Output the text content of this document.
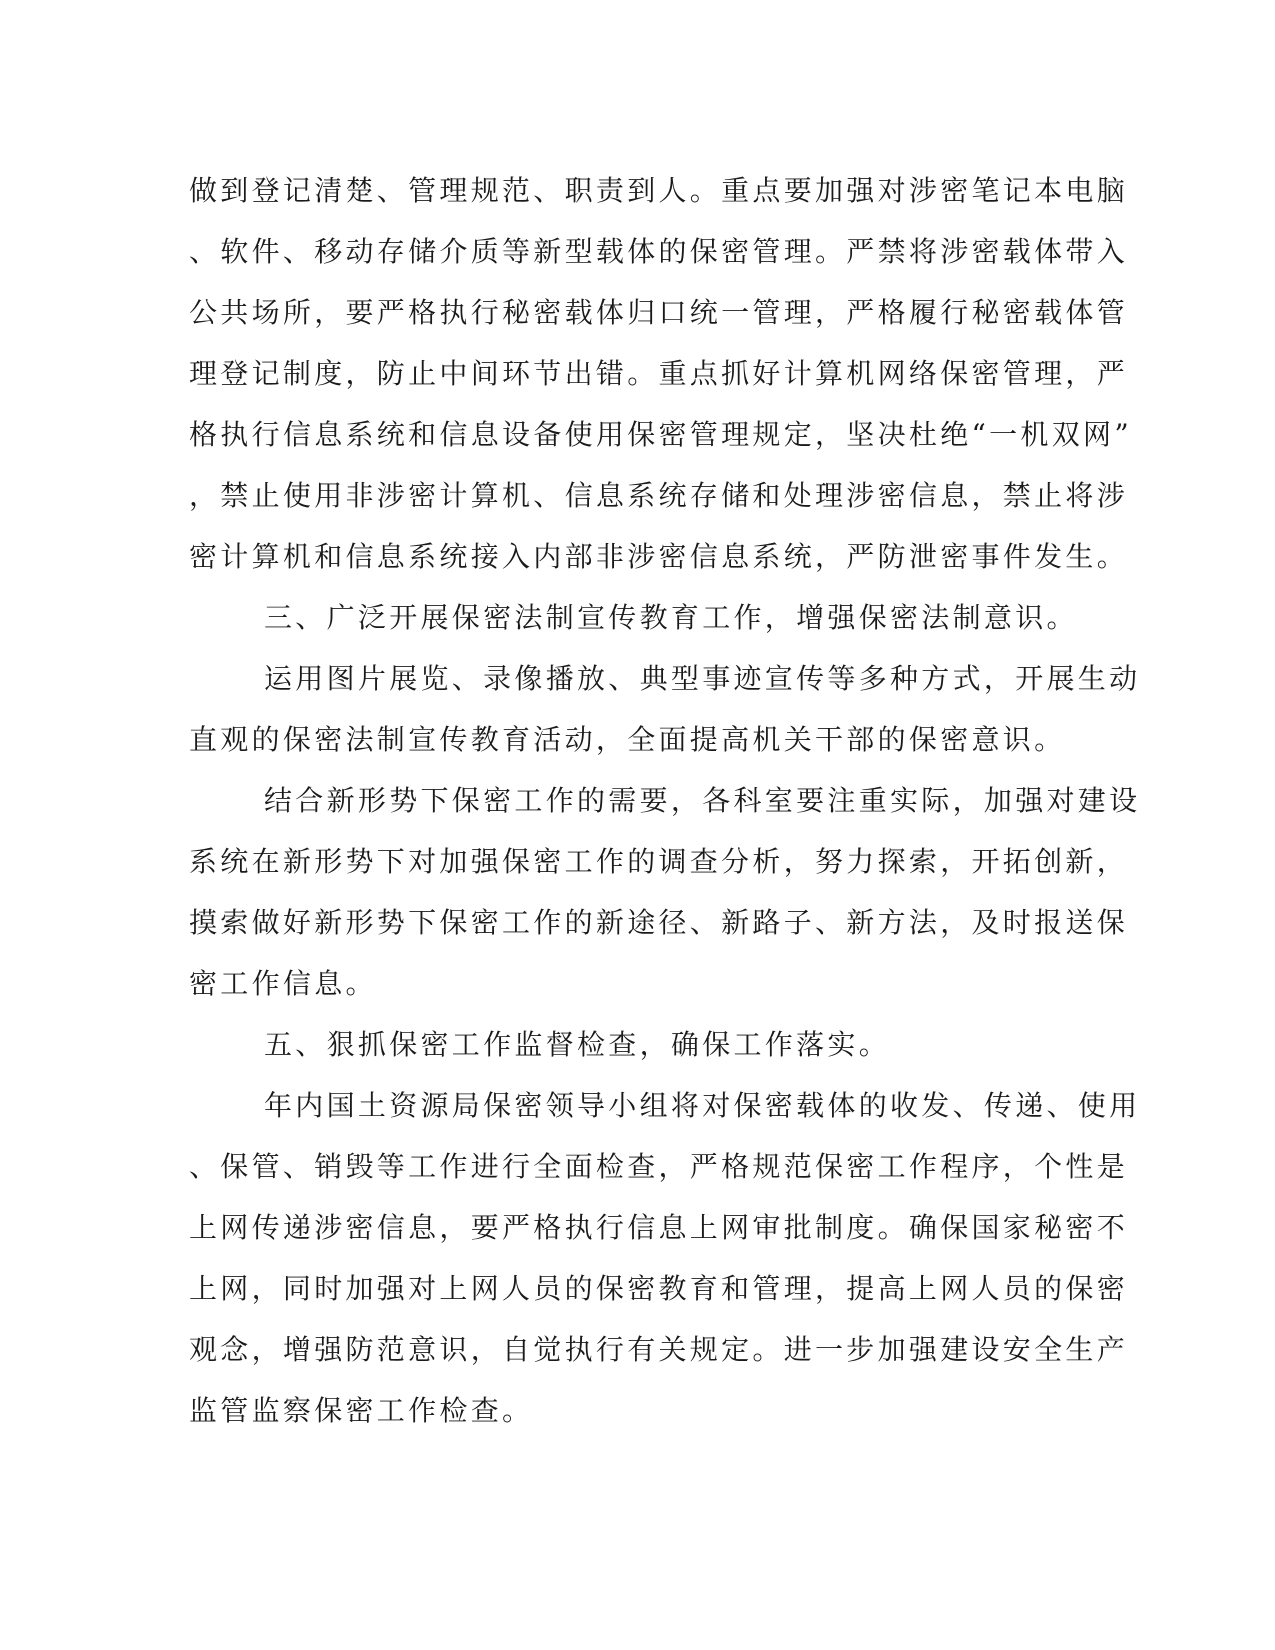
做到登记清楚、管理规范、职责到人。重点要加强对涉密笔记本电脑
、软件、移动存储介质等新型载体的保密管理。严禁将涉密载体带入
公共场所，要严格执行秘密载体归口统一管理，严格履行秘密载体管
理登记制度，防止中间环节出错。重点抓好计算机网络保密管理，严
格执行信息系统和信息设备使用保密管理规定，坚决杜绝“一机双网”
，禁止使用非涉密计算机、信息系统存储和处理涉密信息，禁止将涉
密计算机和信息系统接入内部非涉密信息系统，严防泄密事件发生。
三、广泛开展保密法制宣传教育工作，增强保密法制意识。
运用图片展览、录像播放、典型事迹宣传等多种方式，开展生动
直观的保密法制宣传教育活动，全面提高机关干部的保密意识。
结合新形势下保密工作的需要，各科室要注重实际，加强对建设
系统在新形势下对加强保密工作的调查分析，努力探索，开拓创新，
摸索做好新形势下保密工作的新途径、新路子、新方法，及时报送保
密工作信息。
五、狠抓保密工作监督检查，确保工作落实。
年内国土资源局保密领导小组将对保密载体的收发、传递、使用
、保管、销毁等工作进行全面检查，严格规范保密工作程序，个性是
上网传递涉密信息，要严格执行信息上网审批制度。确保国家秘密不
上网，同时加强对上网人员的保密教育和管理，提高上网人员的保密
观念，增强防范意识，自觉执行有关规定。进一步加强建设安全生产
监管监察保密工作检查。
